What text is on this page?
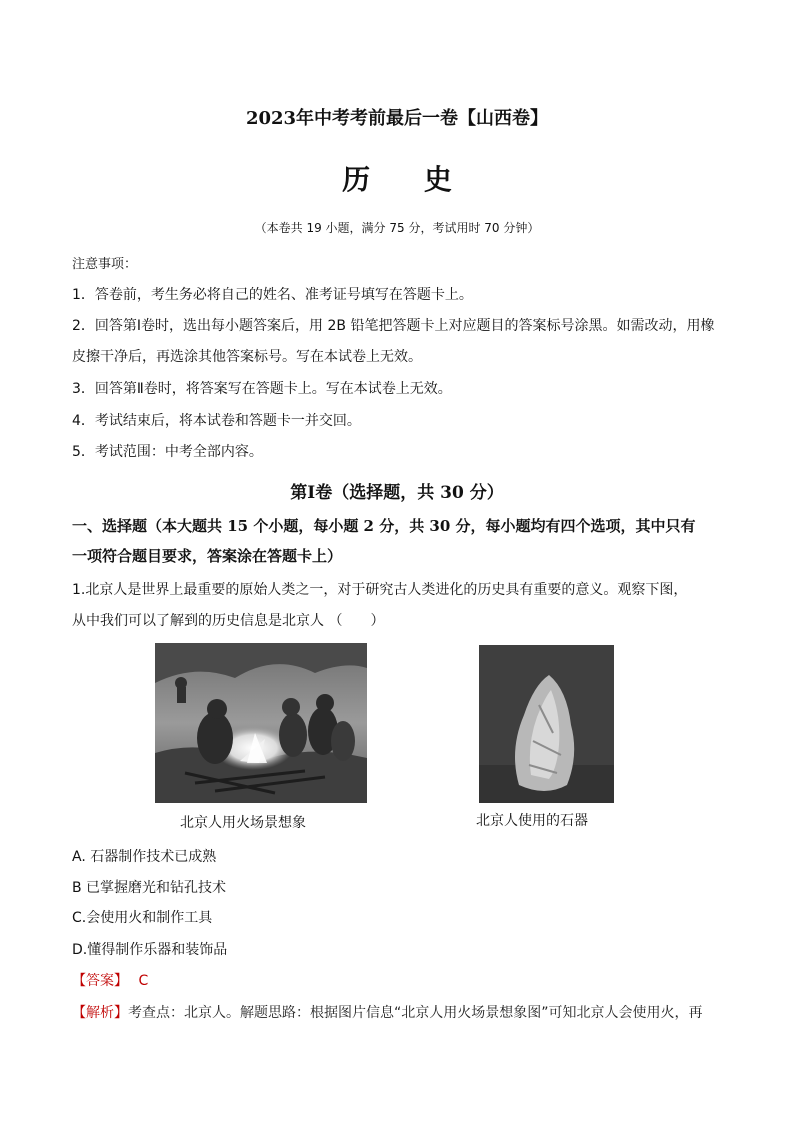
2023年中考考前最后一卷【山西卷】
历 史
（本卷共 19 小题，满分 75 分，考试用时 70 分钟）
注意事项：
1．答卷前，考生务必将自己的姓名、准考证号填写在答题卡上。
2．回答第Ⅰ卷时，选出每小题答案后，用 2B 铅笔把答题卡上对应题目的答案标号涂黑。如需改动，用橡
皮擦干净后，再选涂其他答案标号。写在本试卷上无效。
3．回答第Ⅱ卷时，将答案写在答题卡上。写在本试卷上无效。
4．考试结束后，将本试卷和答题卡一并交回。
5．考试范围：中考全部内容。
第Ⅰ卷（选择题，共 30 分）
一、选择题（本大题共 15 个小题，每小题 2 分，共 30 分，每小题均有四个选项，其中只有
一项符合题目要求，答案涂在答题卡上）
1.北京人是世界上最重要的原始人类之一，对于研究古人类进化的历史具有重要的意义。观察下图，
从中我们可以了解到的历史信息是北京人 （　　）
北京人用火场景想象	北京人使用的石器
A. 石器制作技术已成熟
B 已掌握磨光和钻孔技术
C.会使用火和制作工具
D.懂得制作乐器和装饰品
【答案】 C
【解析】考查点：北京人。解题思路：根据图片信息“北京人用火场景想象图”可知北京人会使用火，再
